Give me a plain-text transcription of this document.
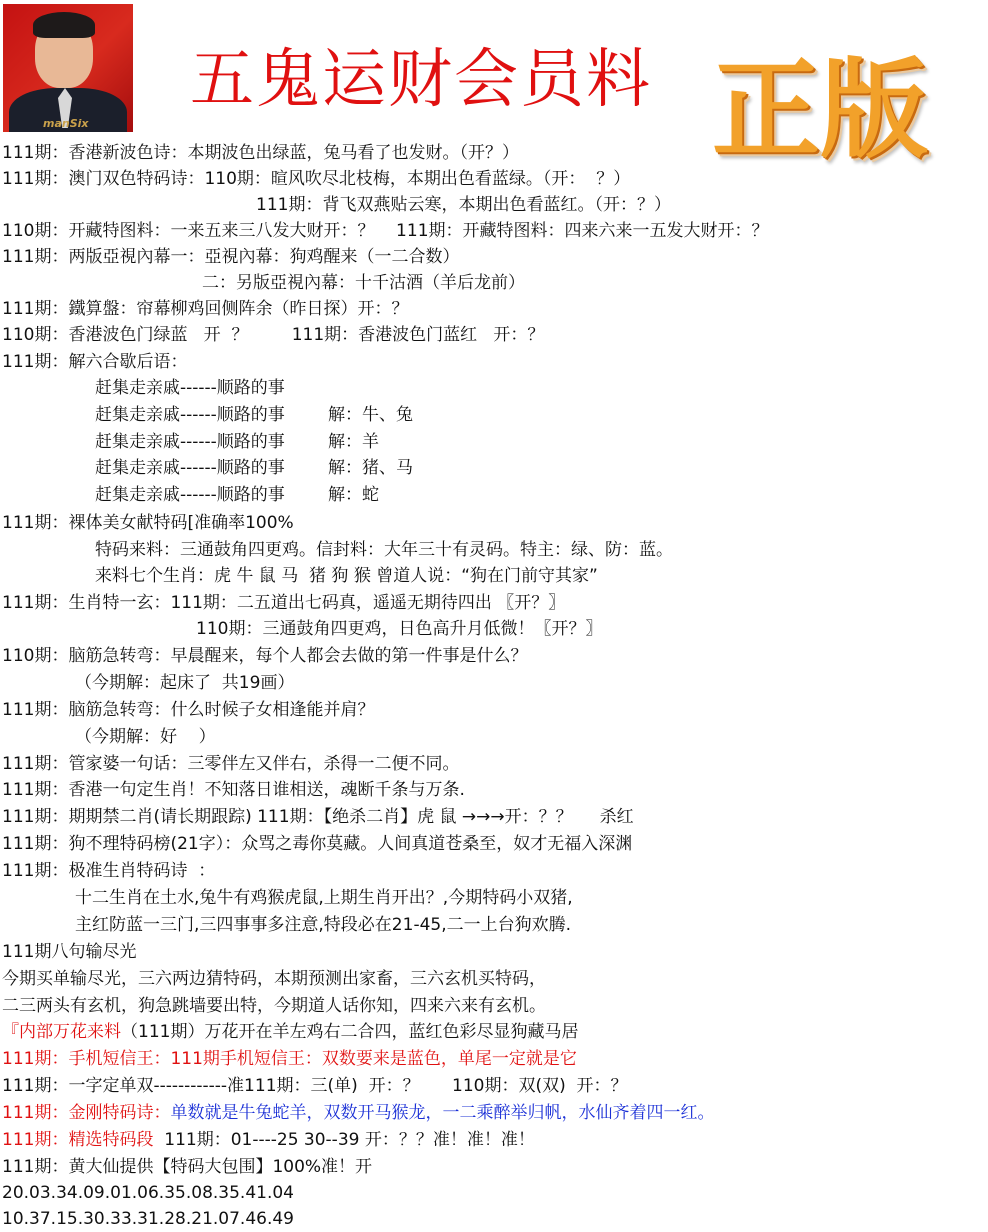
manSix
五鬼运财会员料 正版
111期：香港新波色诗：本期波色出绿蓝，兔马看了也发财。（开？）
111期：澳门双色特码诗：110期：暄风吹尽北枝梅，本期出色看蓝绿。（开：  ？）
111期：背飞双燕贴云寒，本期出色看蓝红。（开：？）
110期：开藏特图料：一来五来三八发大财开：？    111期：开藏特图料：四来六来一五发大财开：？
111期：两版亞視內幕一：亞視內幕：狗鸡醒来（一二合数）
二：另版亞視內幕：十千沽酒（羊后龙前）
111期：鐵算盤：帘幕柳鸡回侧阵余（昨日探）开：？
110期：香港波色门绿蓝   开  ？        111期：香港波色门蓝红   开：？
111期：解六合歇后语：
赶集走亲戚------顺路的事
赶集走亲戚------顺路的事        解：牛、兔
赶集走亲戚------顺路的事        解：羊
赶集走亲戚------顺路的事        解：猪、马
赶集走亲戚------顺路的事        解：蛇
111期：裸体美女献特码[准确率100%
特码来料：三通鼓角四更鸡。信封料：大年三十有灵码。特主：绿、防：蓝。
来料七个生肖：虎 牛 鼠 马  猪 狗 猴 曾道人说：“狗在门前守其家”
111期：生肖特一玄：111期：二五道出七码真，遥遥无期待四出 〖开？〗
110期：三通鼓角四更鸡，日色高升月低微！〖开？〗
110期：脑筋急转弯：早晨醒来，每个人都会去做的第一件事是什么？
（今期解：起床了  共19画）
111期：脑筋急转弯：什么时候子女相逢能并肩？
（今期解：好    ）
111期：管家婆一句话：三零伴左又伴右，杀得一二便不同。
111期：香港一句定生肖！不知落日谁相送，魂断千条与万条.
111期：期期禁二肖(请长期跟踪) 111期：【绝杀二肖】虎 鼠 →→→开：？？     杀红
111期：狗不理特码榜(21字）：众骂之毒你莫藏。人间真道苍桑至，奴才无福入深渊
111期：极准生肖特码诗  ：
十二生肖在土水,兔牛有鸡猴虎鼠,上期生肖开出？,今期特码小双猪,
主红防蓝一三门,三四事事多注意,特段必在21-45,二一上台狗欢腾.
111期八句输尽光
今期买单输尽光，三六两边猜特码，本期预测出家畜，三六玄机买特码，
二三两头有玄机，狗急跳墙要出特，今期道人话你知，四来六来有玄机。
『内部万花来料（111期）万花开在羊左鸡右二合四，蓝红色彩尽显狗藏马居
111期：手机短信王：111期手机短信王：双数要来是蓝色，单尾一定就是它
111期：一字定单双------------准111期：三(单)  开：？      110期：双(双)  开：？
111期：金刚特码诗：单数就是牛兔蛇羊，双数开马猴龙，一二乘醉举归帆，水仙齐着四一红。
111期：精选特码段  111期：01----25 30--39 开：？？准！准！准！
111期：黄大仙提供【特码大包围】100%准！开
20.03.34.09.01.06.35.08.35.41.04
10.37.15.30.33.31.28.21.07.46.49
